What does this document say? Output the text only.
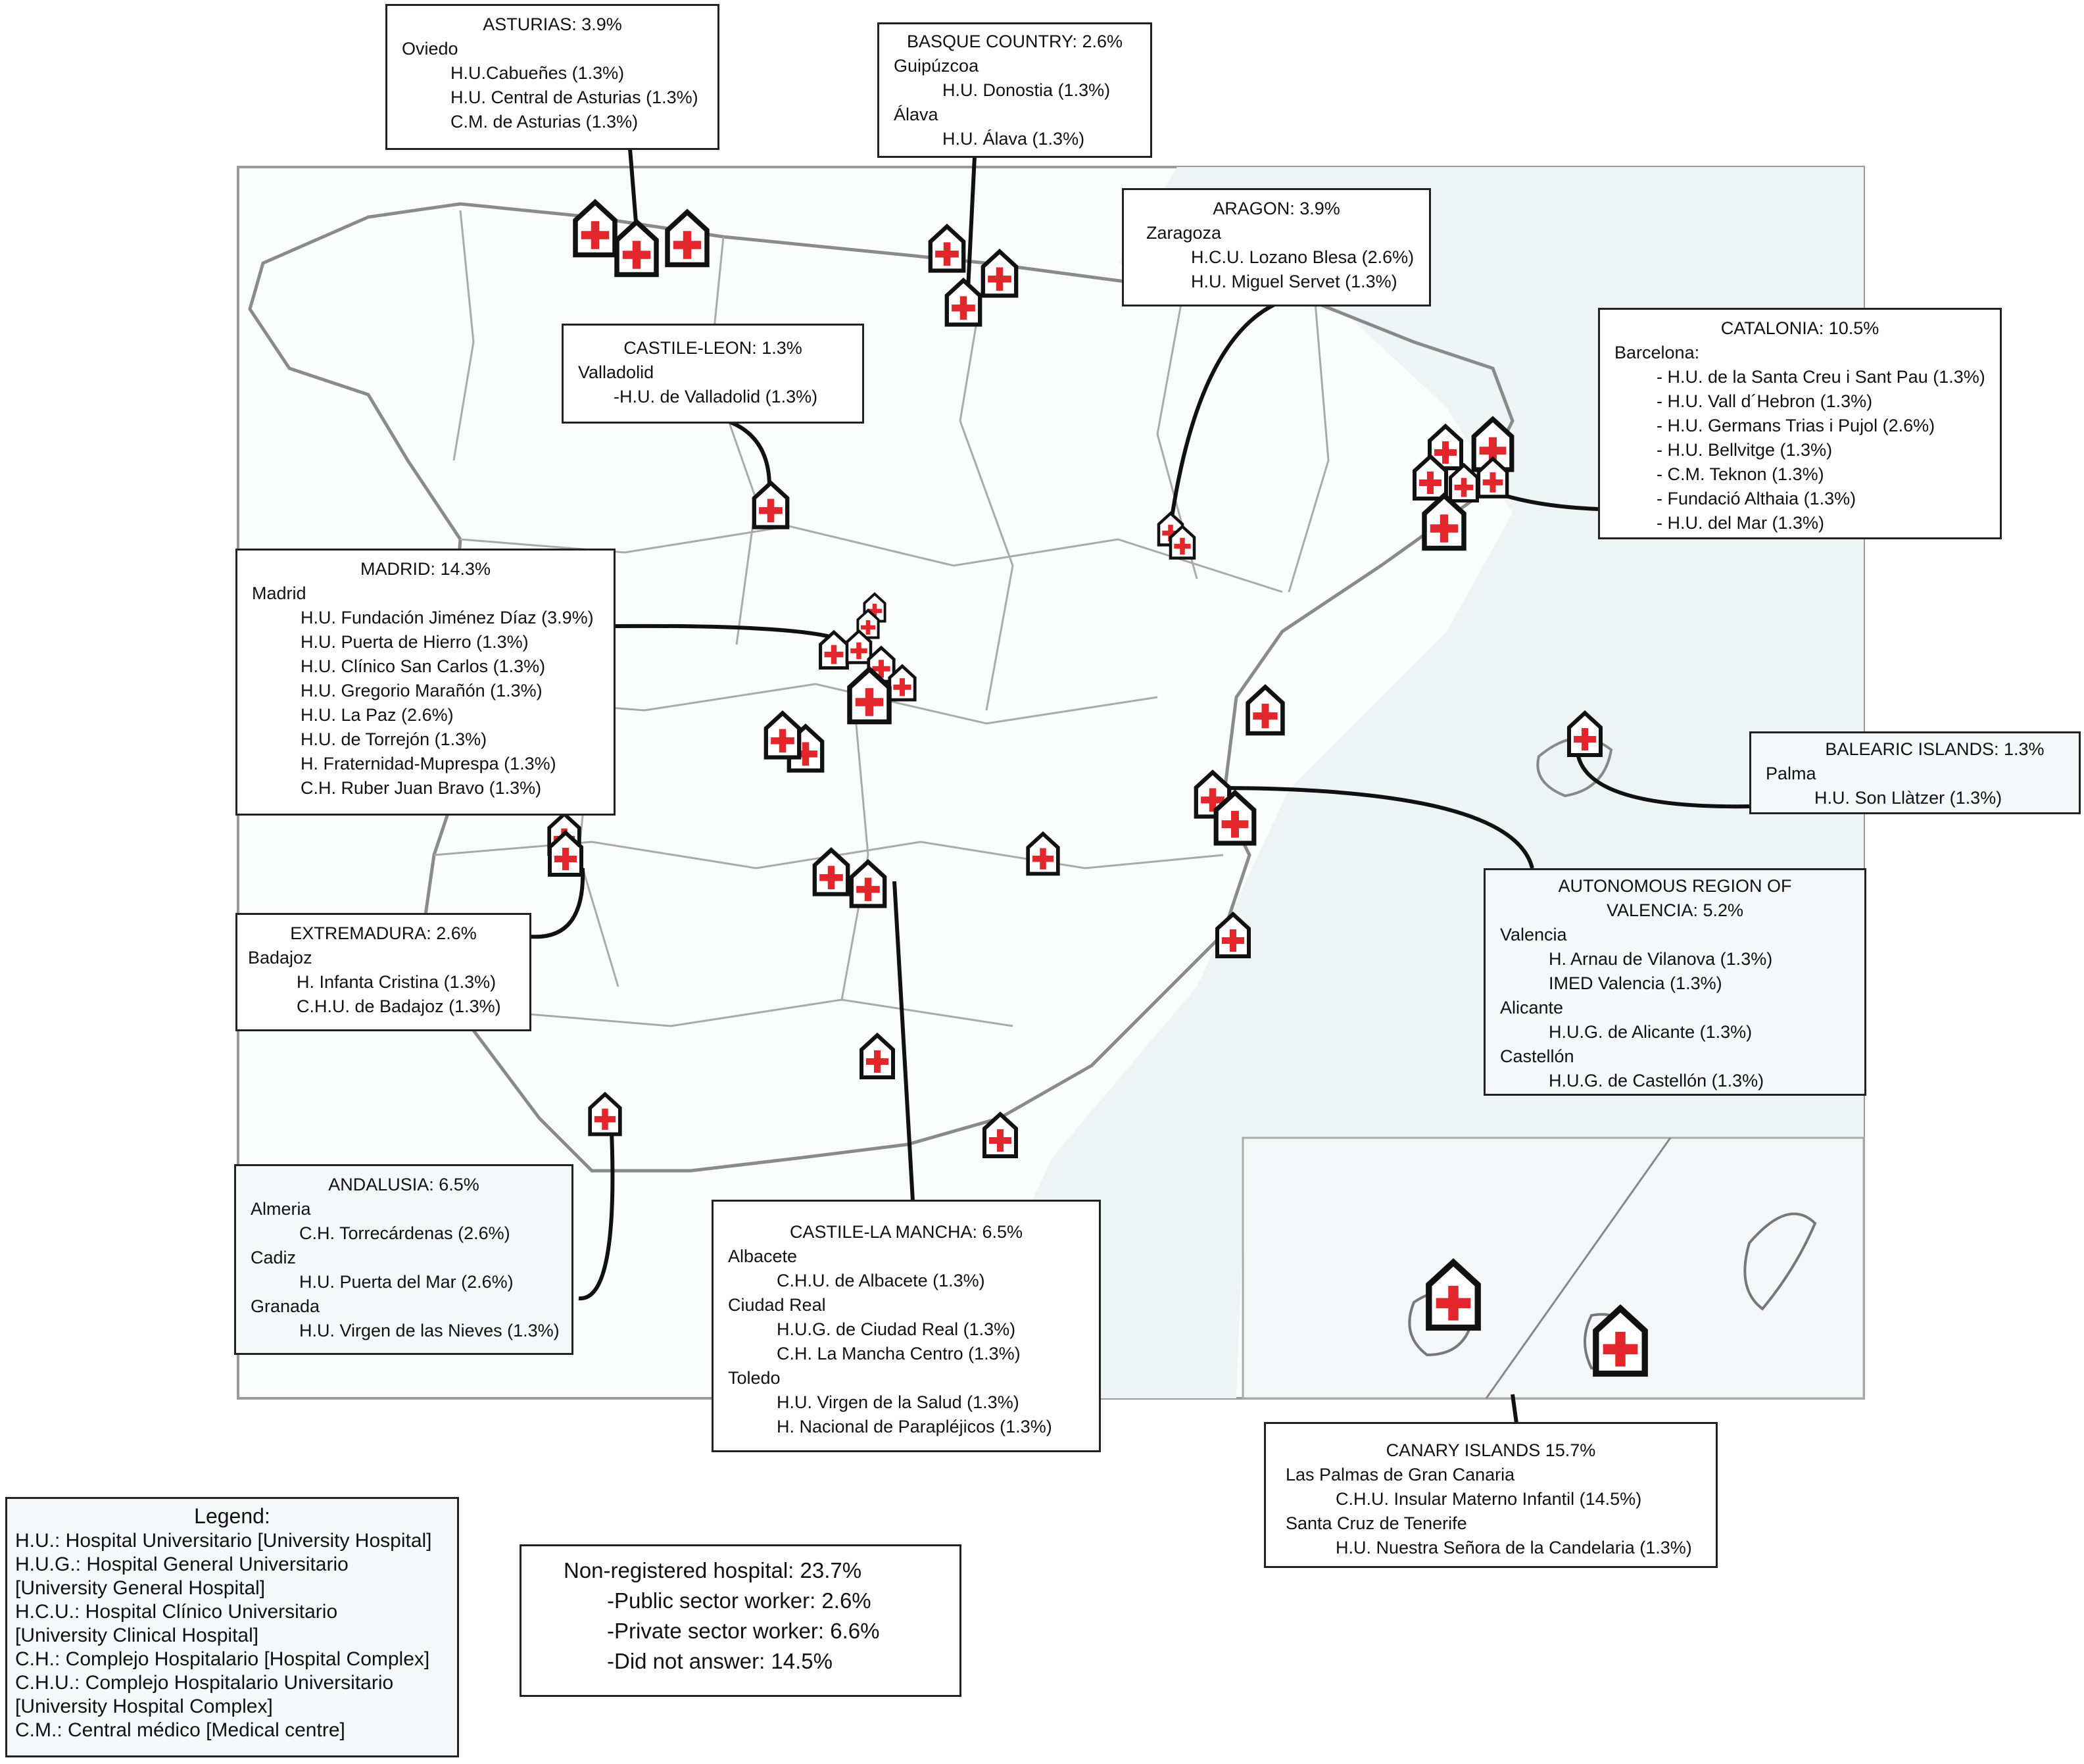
ASTURIAS: 3.9%
Oviedo
H.U.Cabueñes (1.3%)
H.U. Central de Asturias (1.3%)
C.M. de Asturias (1.3%)
BASQUE COUNTRY: 2.6%
Guipúzcoa
H.U. Donostia (1.3%)
Álava
H.U. Álava (1.3%)
ARAGON: 3.9%
Zaragoza
H.C.U. Lozano Blesa (2.6%)
H.U. Miguel Servet (1.3%)
CASTILE-LEON: 1.3%
Valladolid
-H.U. de Valladolid (1.3%)
CATALONIA: 10.5%
Barcelona:
- H.U. de la Santa Creu i Sant Pau (1.3%)
- H.U. Vall d´Hebron (1.3%)
- H.U. Germans Trias i Pujol (2.6%)
- H.U. Bellvitge (1.3%)
- C.M. Teknon (1.3%)
- Fundació Althaia (1.3%)
- H.U. del Mar (1.3%)
MADRID: 14.3%
Madrid
H.U. Fundación Jiménez Díaz (3.9%)
H.U. Puerta de Hierro (1.3%)
H.U. Clínico San Carlos (1.3%)
H.U. Gregorio Marañón (1.3%)
H.U. La Paz (2.6%)
H.U. de Torrejón (1.3%)
H. Fraternidad-Muprespa (1.3%)
C.H. Ruber Juan Bravo (1.3%)
BALEARIC ISLANDS: 1.3%
Palma
H.U. Son Llàtzer (1.3%)
AUTONOMOUS REGION OF
VALENCIA: 5.2%
Valencia
H. Arnau de Vilanova (1.3%)
IMED Valencia (1.3%)
Alicante
H.U.G. de Alicante (1.3%)
Castellón
H.U.G. de Castellón (1.3%)
EXTREMADURA: 2.6%
Badajoz
H. Infanta Cristina (1.3%)
C.H.U. de Badajoz (1.3%)
ANDALUSIA: 6.5%
Almeria
C.H. Torrecárdenas (2.6%)
Cadiz
H.U. Puerta del Mar (2.6%)
Granada
H.U. Virgen de las Nieves (1.3%)
CASTILE-LA MANCHA: 6.5%
Albacete
C.H.U. de Albacete (1.3%)
Ciudad Real
H.U.G. de Ciudad Real (1.3%)
C.H. La Mancha Centro (1.3%)
Toledo
H.U. Virgen de la Salud (1.3%)
H. Nacional de Parapléjicos (1.3%)
CANARY ISLANDS 15.7%
Las Palmas de Gran Canaria
C.H.U. Insular Materno Infantil (14.5%)
Santa Cruz de Tenerife
H.U. Nuestra Señora de la Candelaria (1.3%)
Legend:
H.U.: Hospital Universitario [University Hospital]
H.U.G.: Hospital General Universitario
[University General Hospital]
H.C.U.: Hospital Clínico Universitario
[University Clinical Hospital]
C.H.: Complejo Hospitalario [Hospital Complex]
C.H.U.: Complejo Hospitalario Universitario
[University Hospital Complex]
C.M.: Central médico [Medical centre]
Non-registered hospital: 23.7%
-Public sector worker: 2.6%
-Private sector worker: 6.6%
-Did not answer: 14.5%
